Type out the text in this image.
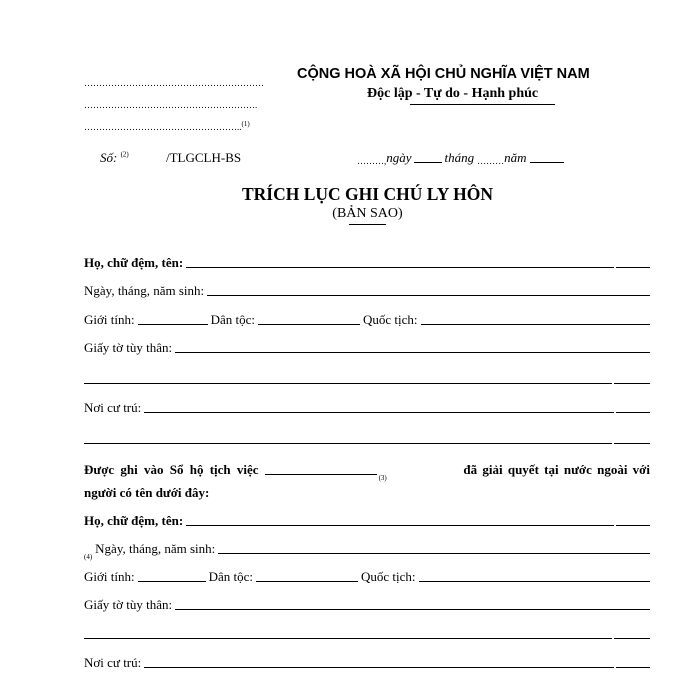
……………………………………………………
………………………………………………….
……………………………………………..$^{(1)}$
CỘNG HOÀ XÃ HỘI CHỦ NGHĨA VIỆT NAM
Độc lập - Tự do - Hạnh phúc
Số: $^{(2)}$	/TLGCLH-BS	………, ngày	tháng ……… năm
TRÍCH LỤC GHI CHÚ LY HÔN
(BẢN SAO)
Họ, chữ đệm, tên:
Ngày, tháng, năm sinh:
Giới tính:	Dân tộc:	Quốc tịch:
Giấy tờ tùy thân:
Nơi cư trú:
Được ghi vào Sổ hộ tịch việc
(3)
đã giải quyết tại nước ngoài với
người có tên dưới đây:
Họ, chữ đệm, tên:
(4)
Ngày, tháng, năm sinh:
Giới tính:	Dân tộc:	Quốc tịch:
Giấy tờ tùy thân:
Nơi cư trú:
